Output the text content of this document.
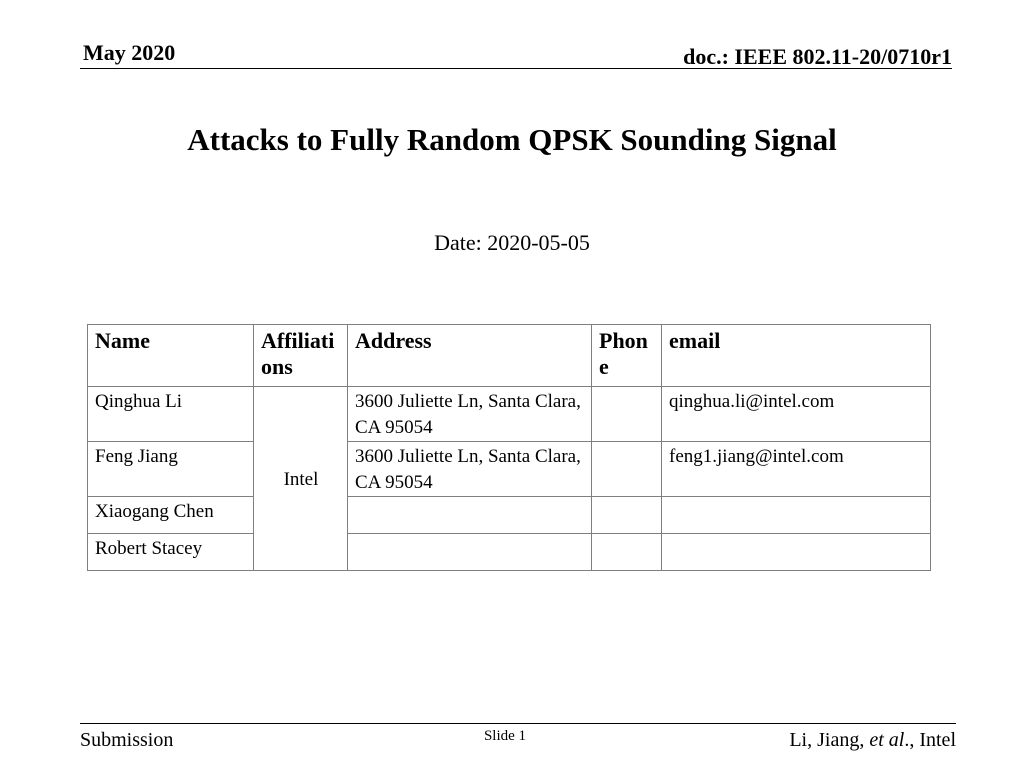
May 2020	doc.: IEEE 802.11-20/0710r1
Attacks to Fully Random QPSK Sounding Signal
Date: 2020-05-05
Name	Affiliations	Address	Phone	email
Qinghua Li	Intel	3600 Juliette Ln, Santa Clara, CA 95054		qinghua.li@intel.com
Feng Jiang		3600 Juliette Ln, Santa Clara, CA 95054		feng1.jiang@intel.com
Xiaogang Chen				
Robert Stacey				
Submission	Slide 1	Li, Jiang, et al., Intel
